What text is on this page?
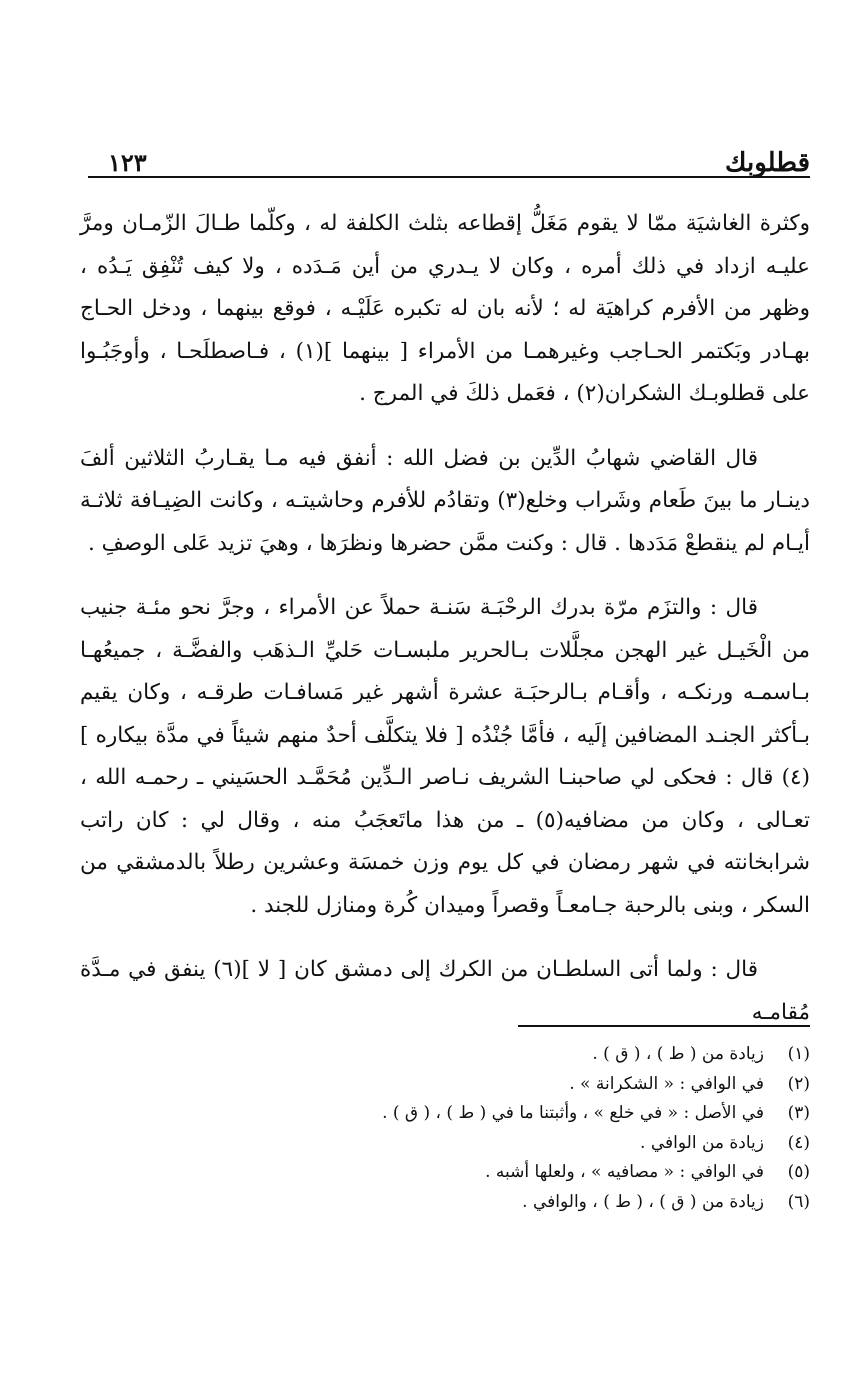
قطلوبك
١٢٣

وكثرة الغاشيَة ممّا لا يقوم مَغَلُّ إقطاعه بثلث الكلفة له ، وكلّما طـالَ الزّمـان ومرَّ عليـه ازداد في ذلك أمره ، وكان لا يـدري من أين مَـدَده ، ولا كيف تُنْفِق يَـدُه ، وظهر من الأفرم كراهيَة له ؛ لأنه بان له تكبره عَلَيْـه ، فوقع بينهما ، ودخل الحـاج بهـادر وبَكتمر الحـاجب وغيرهمـا من الأمراء [ بينهما ](١) ، فـاصطلَحـا ، وأوجَبُـوا على قطلوبـك الشكران(٢) ، فعَمل ذلكَ في المرج .

قال القاضي شهابُ الدِّين بن فضل الله : أنفق فيه مـا يقـاربُ الثلاثين ألفَ دينـار ما بينَ طَعام وشَراب وخلع(٣) وتقادُم للأفرم وحاشيتـه ، وكانت الضِيـافة ثلاثـة أيـام لم ينقطعْ مَدَدها . قال : وكنت ممَّن حضرها ونظرَها ، وهيَ تزيد عَلى الوصفِ .

قال : والتزَم مرّة بدرك الرحْبَـة سَنـة حملاً عن الأمراء ، وجرَّ نحو مئـة جنيب من الْخَيـل غير الهجن مجلَّلات بـالحرير ملبسـات حَليِّ الـذهَب والفضَّـة ، جميعُهـا بـاسمـه ورنكـه ، وأقـام بـالرحبَـة عشرة أشهر غير مَسافـات طرقـه ، وكان يقيم بـأكثر الجنـد المضافين إلَيه ، فأمَّا جُنْدُه [ فلا يتكلَّف أحدٌ منهم شيئاً في مدَّة بيكاره ](٤) قال : فحكى لي صاحبنـا الشريف نـاصر الـدِّين مُحَمَّـد الحسَيني ـ رحمـه الله ، تعـالى ، وكان من مضافيه(٥) ـ من هذا ماتَعجَبُ منه ، وقال لي : كان راتب شرابخانته في شهر رمضان في كل يوم وزن خمسَة وعشرين رطلاً بالدمشقي من السكر ، وبنى بالرحبة جـامعـاً وقصراً وميدان كُرة ومنازل للجند .

قال : ولما أتى السلطـان من الكرك إلى دمشق كان [ لا ](٦) ينفق في مـدَّة مُقامـه

(١)
زيادة من ( ط ) ، ( ق ) .
(٢)
في الوافي : « الشكرانة » .
(٣)
في الأصل : « في خلع » ، وأثبتنا ما في ( ط ) ، ( ق ) .
(٤)
زيادة من الوافي .
(٥)
في الوافي : « مصافيه » ، ولعلها أشبه .
(٦)
زيادة من ( ق ) ، ( ط ) ، والوافي .
